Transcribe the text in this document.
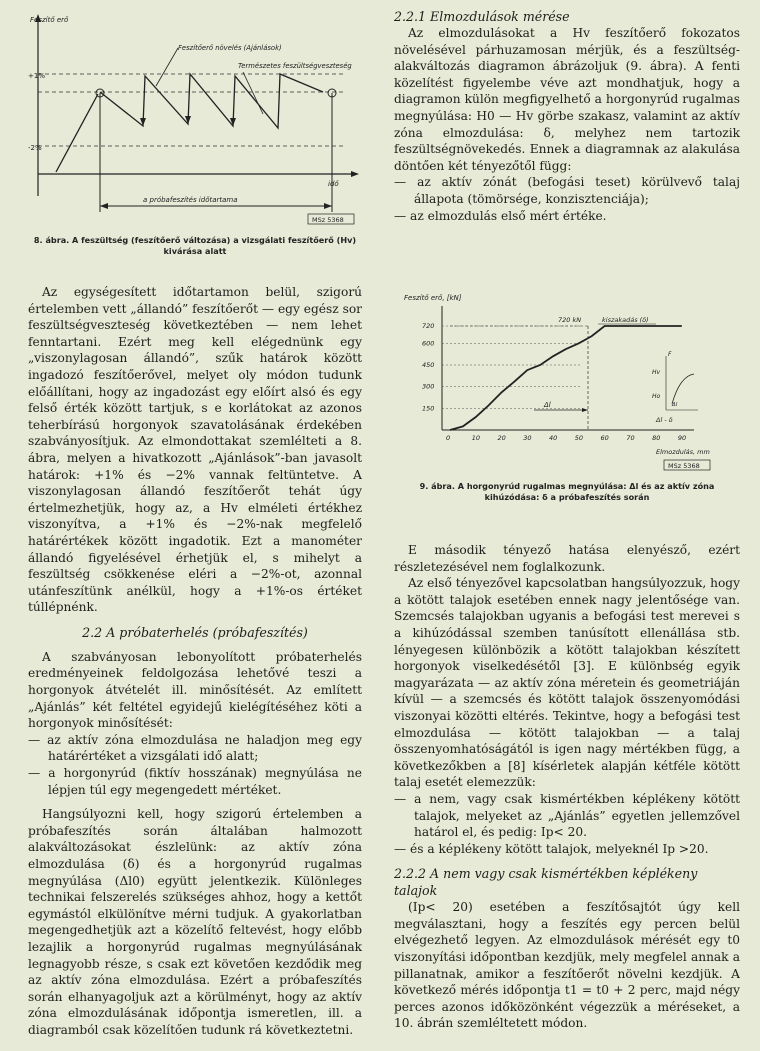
Feszítő erő
idő
+1%
-2%
Feszítőerő növelés (Ajánlások)
Természetes feszültségveszteség
a próbafeszítés időtartama
MSz 5368
8. ábra. A feszültség (feszítőerő változása) a vizsgálati feszítőerő (Hv) kivárása alatt

Az egységesített időtartamon belül, szigorú értelemben vett „állandó” feszítőerőt — egy egész sor feszültségveszteség következtében — nem lehet fenntartani. Ezért meg kell elégednünk egy „viszonylagosan állandó”, szűk határok között ingadozó feszítőerővel, melyet oly módon tudunk előállítani, hogy az ingadozást egy előírt alsó és egy felső érték között tartjuk, s e korlátokat az azonos teherbírású horgonyok szavatolásának érdekében szabványosítjuk. Az elmondottakat szemlélteti a 8. ábra, melyen a hivatkozott „Ajánlások”-ban javasolt határok: +1% és −2% vannak feltüntetve. A viszonylagosan állandó feszítőerőt tehát úgy értelmezhetjük, hogy az, a Hv elméleti értékhez viszonyítva, a +1% és −2%-nak megfelelő határértékek között ingadotik. Ezt a manométer állandó figyelésével érhetjük el, s mihelyt a feszültség csökkenése eléri a −2%-ot, azonnal utánfeszítünk anélkül, hogy a +1%-os értéket túllépnénk.

2.2 A próbaterhelés (próbafeszítés)

A szabványosan lebonyolított próbaterhelés eredményeinek feldolgozása lehetővé teszi a horgonyok átvételét ill. minősítését. Az említett „Ajánlás” két feltétel egyidejű kielégítéséhez köti a horgonyok minősítését:

— az aktív zóna elmozdulása ne haladjon meg egy határértéket a vizsgálati idő alatt;
— a horgonyrúd (fiktív hosszának) megnyúlása ne lépjen túl egy megengedett mértéket.

Hangsúlyozni kell, hogy szigorú értelemben a próbafeszítés során általában halmozott alakváltozásokat észlelünk: az aktív zóna elmozdulása (δ) és a horgonyrúd rugalmas megnyúlása (Δl0) együtt jelentkezik. Különleges technikai felszerelés szükséges ahhoz, hogy a kettőt egymástól elkülönítve mérni tudjuk. A gyakorlatban megengedhetjük azt a közelítő feltevést, hogy előbb lezajlik a horgonyrúd rugalmas megnyúlásának legnagyobb része, s csak ezt követően kezdődik meg az aktív zóna elmozdulása. Ezért a próbafeszítés során elhanyagoljuk azt a körülményt, hogy az aktív zóna elmozdulásának időpontja ismeretlen, ill. a diagramból csak közelítően tudunk rá következtetni.

2.2.1 Elmozdulások mérése

Az elmozdulásokat a Hv feszítőerő fokozatos növelésével párhuzamosan mérjük, és a feszültség-alakváltozás diagramon ábrázoljuk (9. ábra). A fenti közelítést figyelembe véve azt mondhatjuk, hogy a diagramon külön megfigyelhető a horgonyrúd rugalmas megnyúlása: H0 — Hv görbe szakasz, valamint az aktív zóna elmozdulása: δ, melyhez nem tartozik feszültségnövekedés. Ennek a diagramnak az alakulása döntően két tényezőtől függ:

— az aktív zónát (befogási teset) körülvevő talaj állapota (tömörsége, konzisztenciája);
— az elmozdulás első mért értéke.
Feszítő erő, [kN]
0	10	20	30	40	50	60	70	80	90
150
300
450
600
720
Elmozdulás, mm
720 kN	kiszakadás (δ)
Δl
Δl - δ
F
Hv
Ho
Δl
MSz 5368
9. ábra. A horgonyrúd rugalmas megnyúlása: Δl és az aktív zóna kihúzódása: δ a próbafeszítés során

E második tényező hatása elenyésző, ezért részletezésével nem foglalkozunk.

Az első tényezővel kapcsolatban hangsúlyozzuk, hogy a kötött talajok esetében ennek nagy jelentősége van. Szemcsés talajokban ugyanis a befogási test merevei s a kihúzódással szemben tanúsított ellenállása stb. lényegesen különbözik a kötött talajokban készített horgonyok viselkedésétől [3]. E különbség egyik magyarázata — az aktív zóna méretein és geometriáján kívül — a szemcsés és kötött talajok összenyomódási viszonyai közötti eltérés. Tekintve, hogy a befogási test elmozdulása — kötött talajokban — a talaj összenyomhatóságától is igen nagy mértékben függ, a következőkben a [8] kísérletek alapján kétféle kötött talaj esetét elemezzük:

— a nem, vagy csak kismértékben képlékeny kötött talajok, melyeket az „Ajánlás” egyetlen jellemzővel határol el, és pedig: Ip< 20.
— és a képlékeny kötött talajok, melyeknél Ip >20.
2.2.2 A nem vagy csak kismértékben képlékeny talajok

(Ip< 20) esetében a feszítősajtót úgy kell megválasztani, hogy a feszítés egy percen belül elvégezhető legyen. Az elmozdulások mérését egy t0 viszonyítási időpontban kezdjük, mely megfelel annak a pillanatnak, amikor a feszítőerőt növelni kezdjük. A következő mérés időpontja t1 = t0 + 2 perc, majd négy perces azonos időközönként végezzük a méréseket, a 10. ábrán szemléltetett módon.
